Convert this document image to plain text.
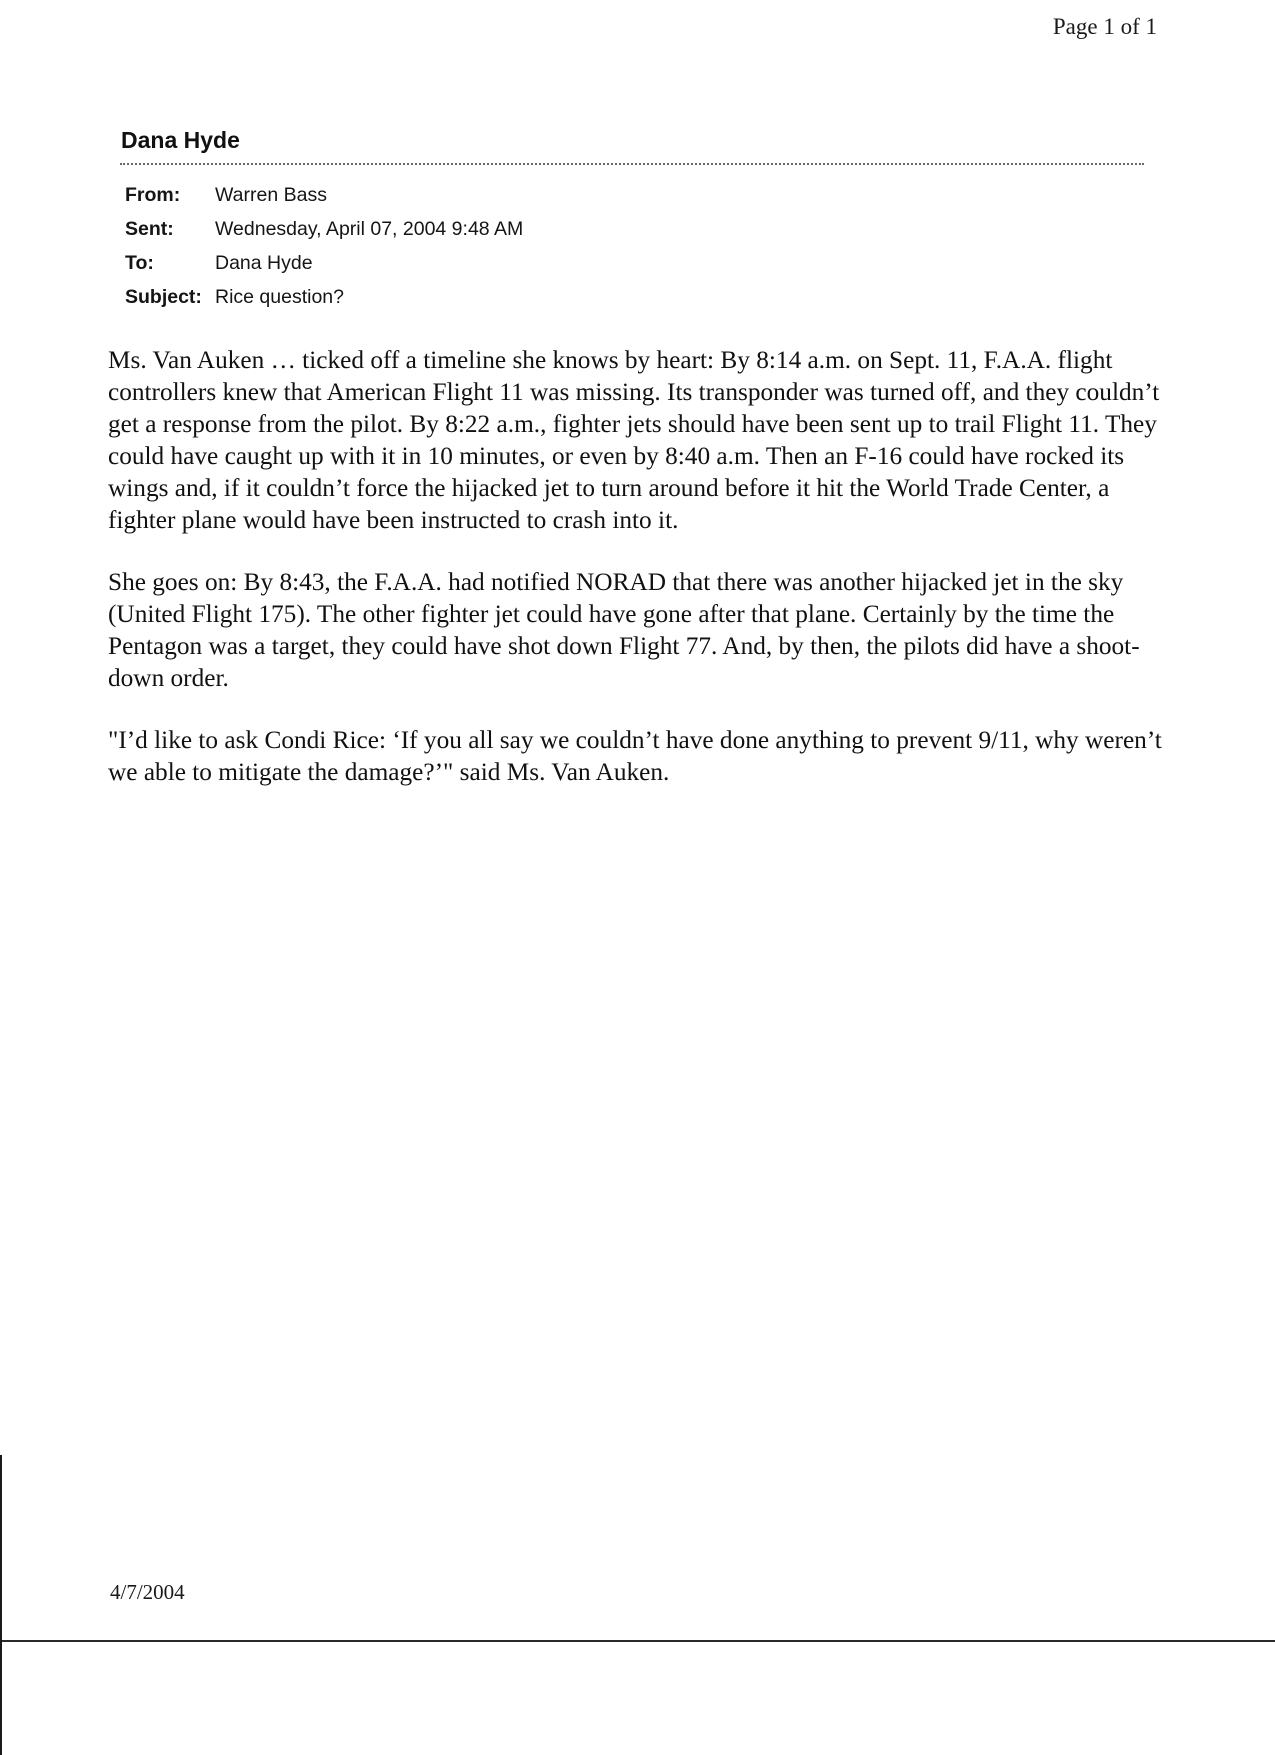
Page 1 of 1
Dana Hyde
From:	Warren Bass
Sent:	Wednesday, April 07, 2004 9:48 AM
To:	Dana Hyde
Subject: Rice question?

Ms. Van Auken … ticked off a timeline she knows by heart: By 8:14 a.m. on Sept. 11, F.A.A. flight controllers knew that American Flight 11 was missing. Its transponder was turned off, and they couldn’t get a response from the pilot. By 8:22 a.m., fighter jets should have been sent up to trail Flight 11. They could have caught up with it in 10 minutes, or even by 8:40 a.m. Then an F-16 could have rocked its wings and, if it couldn’t force the hijacked jet to turn around before it hit the World Trade Center, a fighter plane would have been instructed to crash into it.

She goes on: By 8:43, the F.A.A. had notified NORAD that there was another hijacked jet in the sky (United Flight 175). The other fighter jet could have gone after that plane. Certainly by the time the Pentagon was a target, they could have shot down Flight 77. And, by then, the pilots did have a shoot-down order.

"I’d like to ask Condi Rice: ‘If you all say we couldn’t have done anything to prevent 9/11, why weren’t we able to mitigate the damage?’" said Ms. Van Auken.

4/7/2004
